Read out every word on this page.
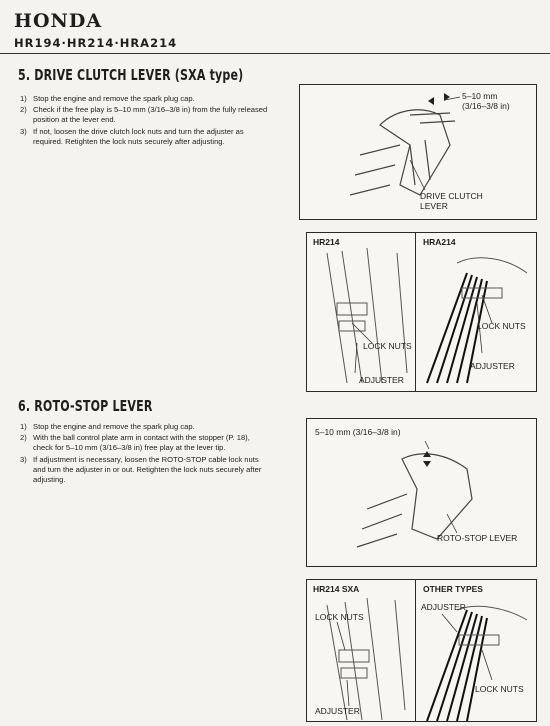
HONDA
HR194·HR214·HRA214
5. DRIVE CLUTCH LEVER (SXA type)
1) Stop the engine and remove the spark plug cap.
2) Check if the free play is 5–10 mm (3/16–3/8 in) from the fully released position at the lever end.
3) If not, loosen the drive clutch lock nuts and turn the adjuster as required. Retighten the lock nuts securely after adjusting.
5–10 mm
(3/16–3/8 in)
DRIVE CLUTCH
LEVER
HR214	HRA214
LOCK NUTS
ADJUSTER
LOCK NUTS
ADJUSTER
6. ROTO-STOP LEVER
1) Stop the engine and remove the spark plug cap.
2) With the ball control plate arm in contact with the stopper (P. 18), check for 5–10 mm (3/16–3/8 in) free play at the lever tip.
3) If adjustment is necessary, loosen the ROTO-STOP cable lock nuts and turn the adjuster in or out. Retighten the lock nuts securely after adjusting.
5–10 mm (3/16–3/8 in)
ROTO-STOP LEVER
HR214 SXA	OTHER TYPES
LOCK NUTS
ADJUSTER
ADJUSTER
LOCK NUTS
